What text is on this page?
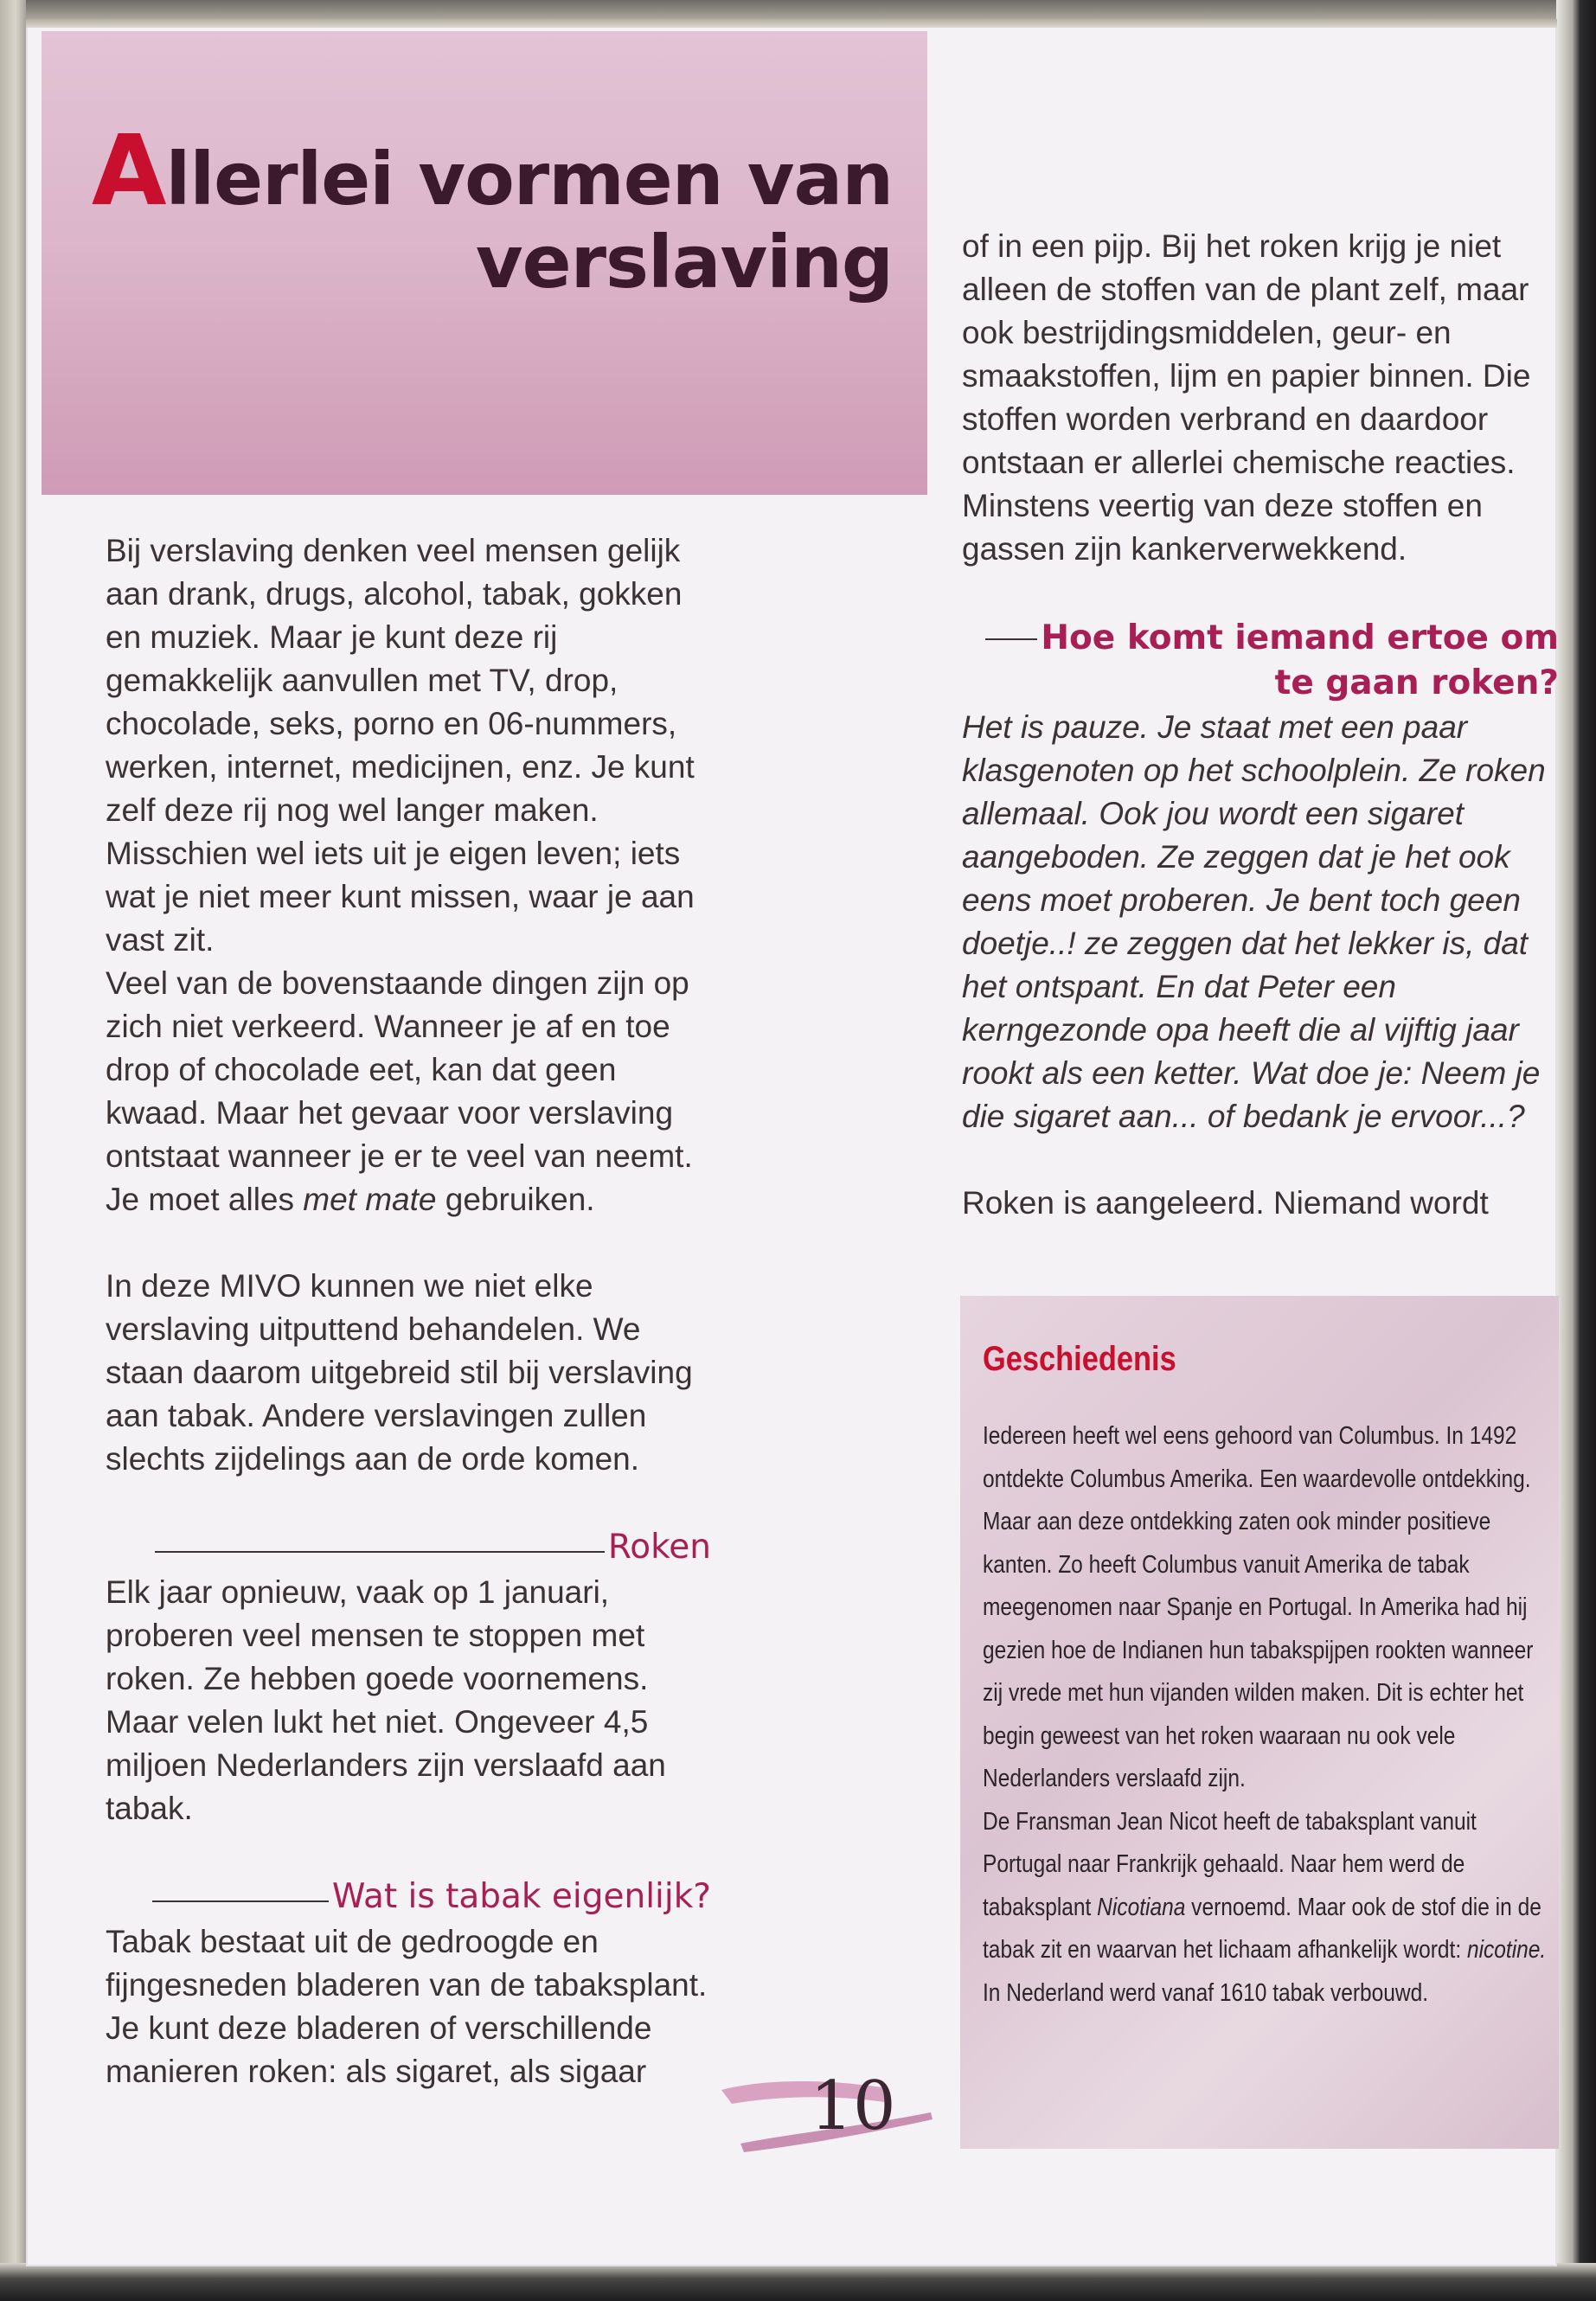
Allerlei vormen van
verslaving

Bij verslaving denken veel mensen gelijk aan drank, drugs, alcohol, tabak, gokken en muziek. Maar je kunt deze rij gemakkelijk aanvullen met TV, drop, chocolade, seks, porno en 06-nummers, werken, internet, medicijnen, enz. Je kunt zelf deze rij nog wel langer maken. Misschien wel iets uit je eigen leven; iets wat je niet meer kunt missen, waar je aan vast zit.

Veel van de bovenstaande dingen zijn op zich niet verkeerd. Wanneer je af en toe drop of chocolade eet, kan dat geen kwaad. Maar het gevaar voor verslaving ontstaat wanneer je er te veel van neemt. Je moet alles met mate gebruiken.

In deze MIVO kunnen we niet elke verslaving uitputtend behandelen. We staan daarom uitgebreid stil bij verslaving aan tabak. Andere verslavingen zullen slechts zijdelings aan de orde komen.

Roken

Elk jaar opnieuw, vaak op 1 januari, proberen veel mensen te stoppen met roken. Ze hebben goede voornemens. Maar velen lukt het niet. Ongeveer 4,5 miljoen Nederlanders zijn verslaafd aan tabak.

Wat is tabak eigenlijk?

Tabak bestaat uit de gedroogde en fijngesneden bladeren van de tabaksplant. Je kunt deze bladeren of verschillende manieren roken: als sigaret, als sigaar

of in een pijp. Bij het roken krijg je niet alleen de stoffen van de plant zelf, maar ook bestrijdingsmiddelen, geur- en smaakstoffen, lijm en papier binnen. Die stoffen worden verbrand en daardoor ontstaan er allerlei chemische reacties. Minstens veertig van deze stoffen en gassen zijn kankerverwekkend.

Hoe komt iemand ertoe om te gaan roken?

Het is pauze. Je staat met een paar klasgenoten op het schoolplein. Ze roken allemaal. Ook jou wordt een sigaret aangeboden. Ze zeggen dat je het ook eens moet proberen. Je bent toch geen doetje..! ze zeggen dat het lekker is, dat het ontspant. En dat Peter een kerngezonde opa heeft die al vijftig jaar rookt als een ketter. Wat doe je: Neem je die sigaret aan... of bedank je ervoor...?

Roken is aangeleerd. Niemand wordt

Geschiedenis

Iedereen heeft wel eens gehoord van Columbus. In 1492 ontdekte Columbus Amerika. Een waardevolle ontdekking. Maar aan deze ontdekking zaten ook minder positieve kanten. Zo heeft Columbus vanuit Amerika de tabak meegenomen naar Spanje en Portugal. In Amerika had hij gezien hoe de Indianen hun tabakspijpen rookten wanneer zij vrede met hun vijanden wilden maken. Dit is echter het begin geweest van het roken waaraan nu ook vele Nederlanders verslaafd zijn.

De Fransman Jean Nicot heeft de tabaksplant vanuit Portugal naar Frankrijk gehaald. Naar hem werd de tabaksplant Nicotiana vernoemd. Maar ook de stof die in de tabak zit en waarvan het lichaam afhankelijk wordt: nicotine.

In Nederland werd vanaf 1610 tabak verbouwd.

10
